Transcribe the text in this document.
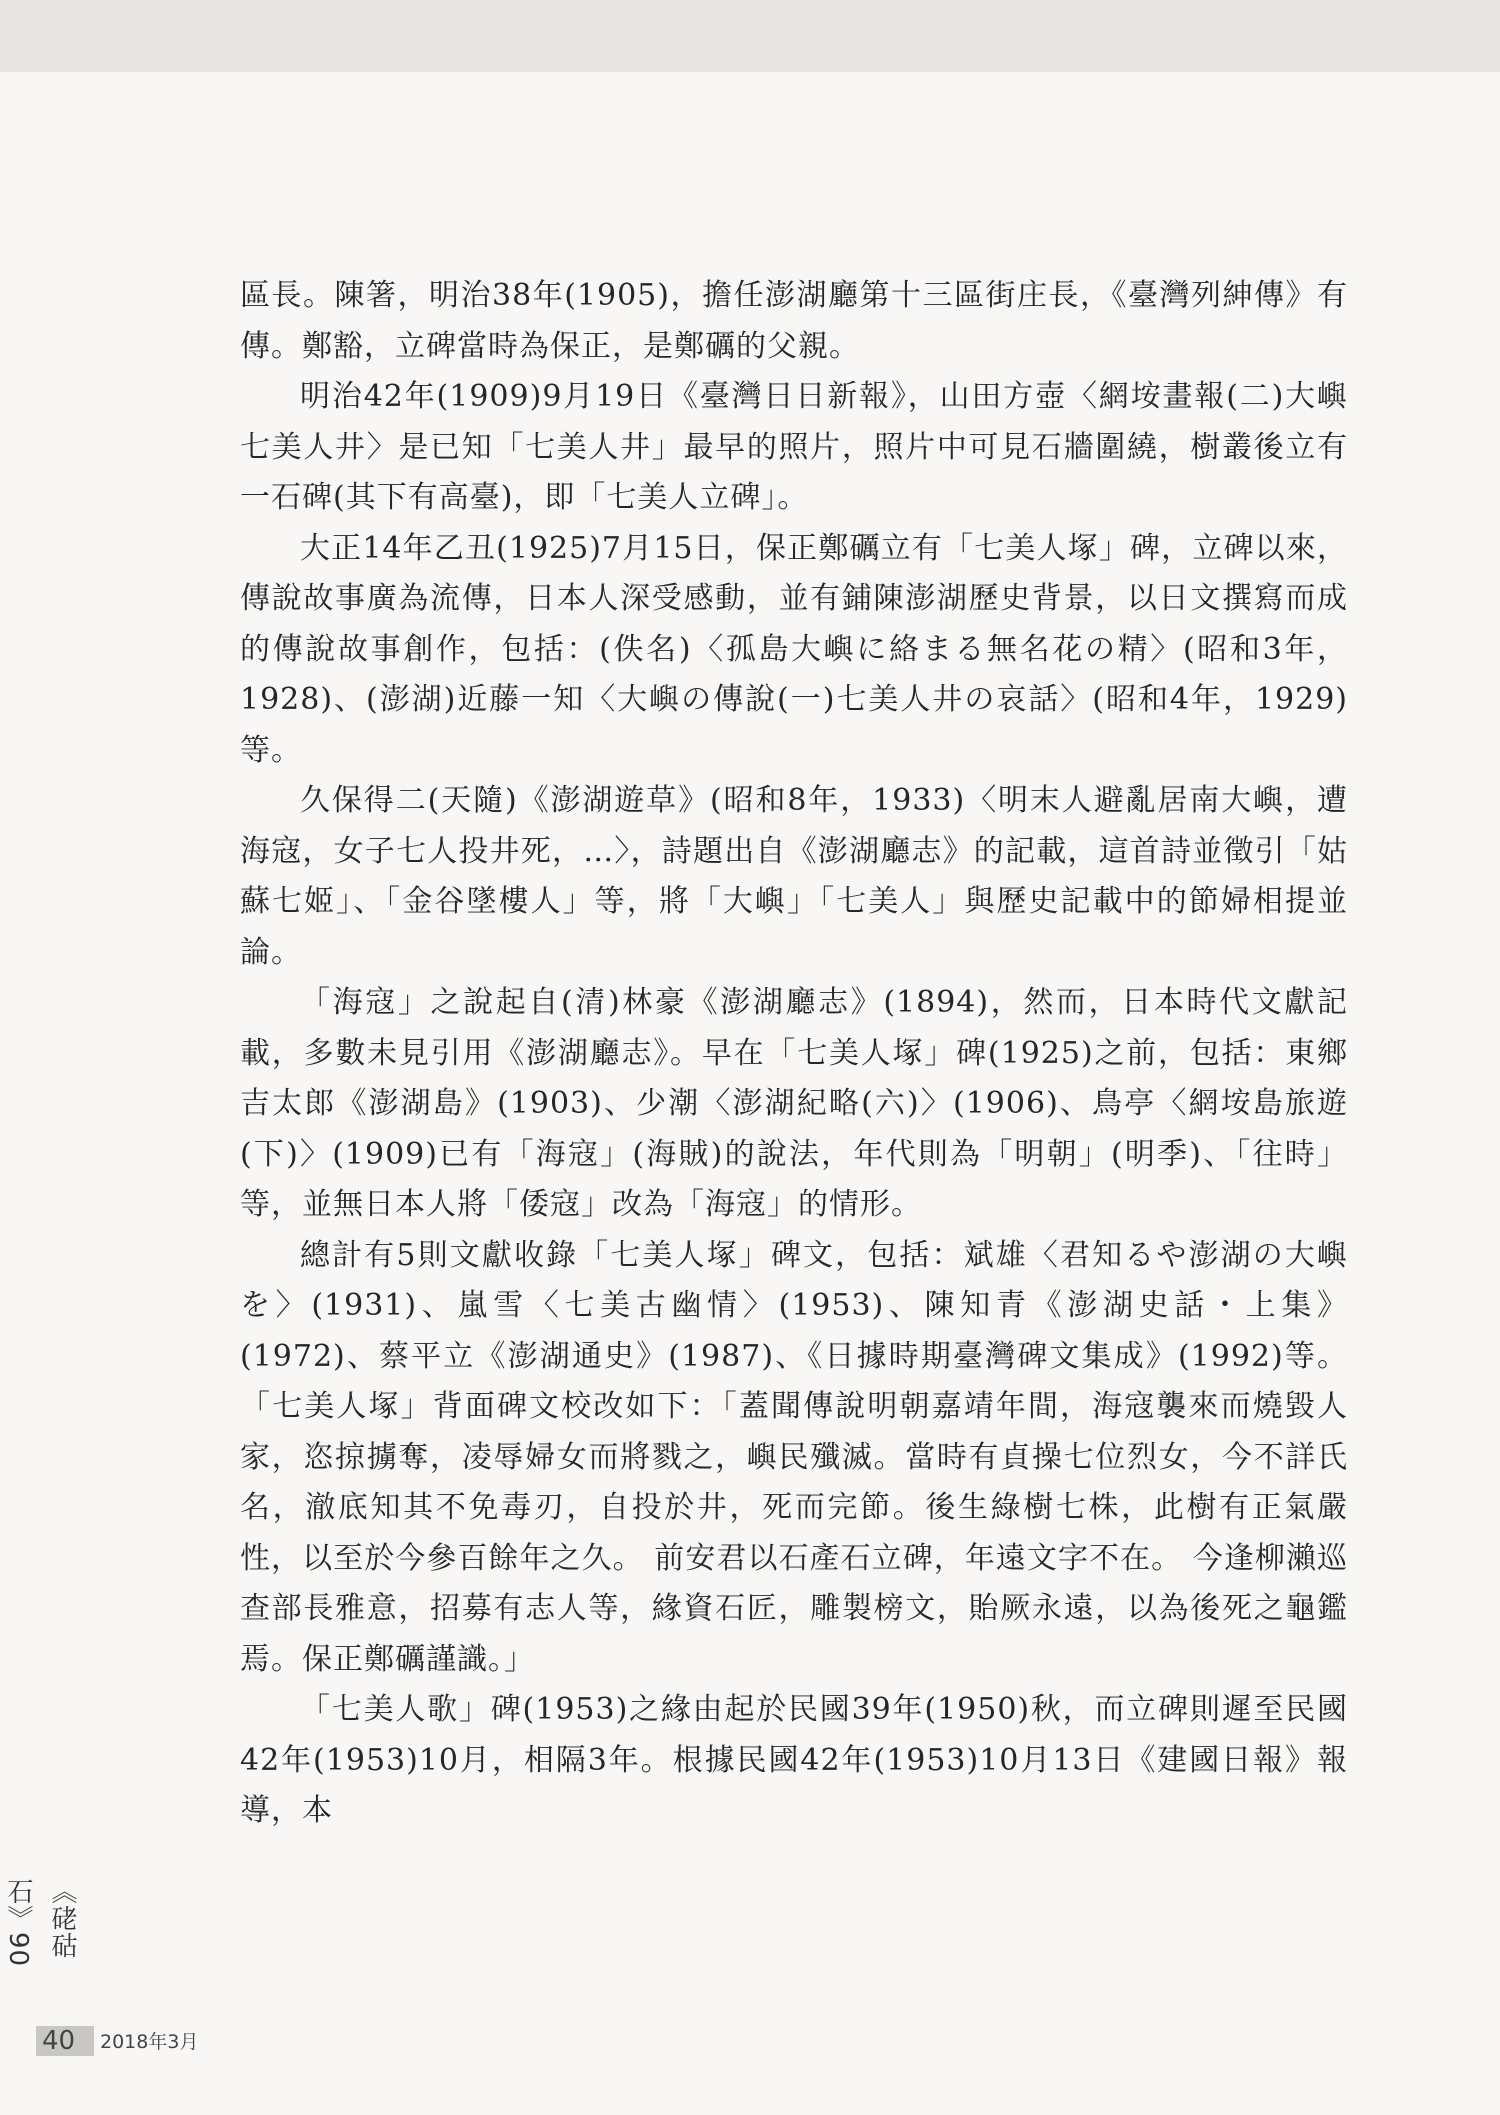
區長。陳箸，明治38年(1905)，擔任澎湖廳第十三區街庄長，《臺灣列紳傳》有傳。鄭豁，立碑當時為保正，是鄭礪的父親。

明治42年(1909)9月19日《臺灣日日新報》，山田方壺〈網垵畫報(二)大嶼七美人井〉是已知「七美人井」最早的照片，照片中可見石牆圍繞，樹叢後立有一石碑(其下有高臺)，即「七美人立碑」。

大正14年乙丑(1925)7月15日，保正鄭礪立有「七美人塚」碑，立碑以來，傳說故事廣為流傳，日本人深受感動，並有鋪陳澎湖歷史背景，以日文撰寫而成的傳說故事創作，包括：(佚名)〈孤島大嶼に絡まる無名花の精〉(昭和3年，1928)、(澎湖)近藤一知〈大嶼の傳說(一)七美人井の哀話〉(昭和4年，1929)等。

久保得二(天隨)《澎湖遊草》(昭和8年，1933)〈明末人避亂居南大嶼，遭海寇，女子七人投井死，…〉，詩題出自《澎湖廳志》的記載，這首詩並徵引「姑蘇七姬」、「金谷墜樓人」等，將「大嶼」「七美人」與歷史記載中的節婦相提並論。

「海寇」之說起自(清)林豪《澎湖廳志》(1894)，然而，日本時代文獻記載，多數未見引用《澎湖廳志》。早在「七美人塚」碑(1925)之前，包括：東鄉吉太郎《澎湖島》(1903)、少潮〈澎湖紀略(六)〉(1906)、鳥亭〈網垵島旅遊(下)〉(1909)已有「海寇」(海賊)的說法，年代則為「明朝」(明季)、「往時」等，並無日本人將「倭寇」改為「海寇」的情形。

總計有5則文獻收錄「七美人塚」碑文，包括：斌雄〈君知るや澎湖の大嶼を〉(1931)、嵐雪〈七美古幽情〉(1953)、陳知青《澎湖史話・上集》(1972)、蔡平立《澎湖通史》(1987)、《日據時期臺灣碑文集成》(1992)等。「七美人塚」背面碑文校改如下：「蓋聞傳說明朝嘉靖年間，海寇襲來而燒毀人家，恣掠擄奪，凌辱婦女而將戮之，嶼民殲滅。當時有貞操七位烈女，今不詳氏名，澈底知其不免毒刃，自投於井，死而完節。後生綠樹七株，此樹有正氣嚴性，以至於今參百餘年之久。 前安君以石產石立碑，年遠文字不在。 今逢柳瀨巡查部長雅意，招募有志人等，緣資石匠，雕製榜文，貽厥永遠，以為後死之龜鑑焉。保正鄭礪謹識。」

「七美人歌」碑(1953)之緣由起於民國39年(1950)秋，而立碑則遲至民國42年(1953)10月，相隔3年。根據民國42年(1953)10月13日《建國日報》報導，本

《硓𥑮石》90
40 2018年3月
